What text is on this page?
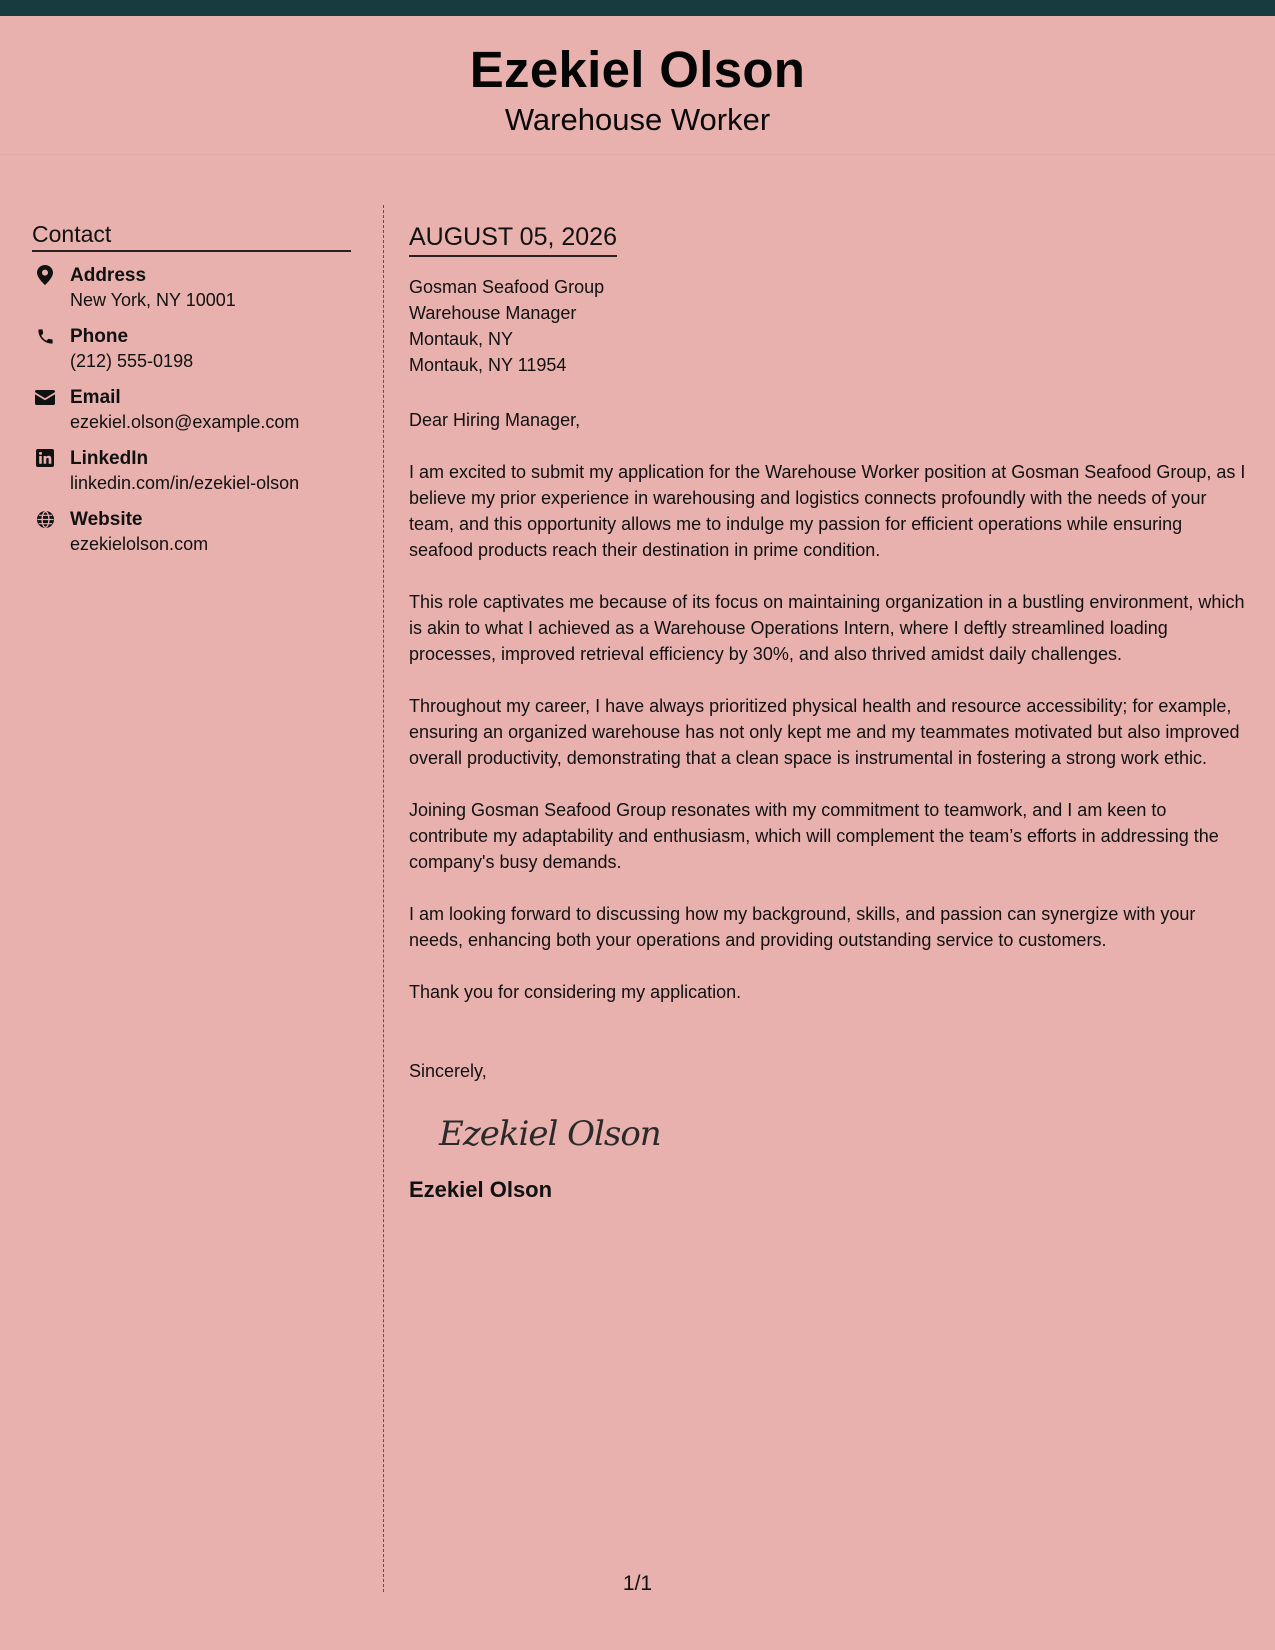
Ezekiel Olson
Warehouse Worker
Contact
Address
New York, NY 10001
Phone
(212) 555-0198
Email
ezekiel.olson@example.com
LinkedIn
linkedin.com/in/ezekiel-olson
Website
ezekielolson.com
AUGUST 05, 2026
Gosman Seafood Group
Warehouse Manager
Montauk, NY
Montauk, NY 11954
Dear Hiring Manager,
I am excited to submit my application for the Warehouse Worker position at Gosman Seafood Group, as I believe my prior experience in warehousing and logistics connects profoundly with the needs of your team, and this opportunity allows me to indulge my passion for efficient operations while ensuring seafood products reach their destination in prime condition.
This role captivates me because of its focus on maintaining organization in a bustling environment, which is akin to what I achieved as a Warehouse Operations Intern, where I deftly streamlined loading processes, improved retrieval efficiency by 30%, and also thrived amidst daily challenges.
Throughout my career, I have always prioritized physical health and resource accessibility; for example, ensuring an organized warehouse has not only kept me and my teammates motivated but also improved overall productivity, demonstrating that a clean space is instrumental in fostering a strong work ethic.
Joining Gosman Seafood Group resonates with my commitment to teamwork, and I am keen to contribute my adaptability and enthusiasm, which will complement the team’s efforts in addressing the company's busy demands.
I am looking forward to discussing how my background, skills, and passion can synergize with your needs, enhancing both your operations and providing outstanding service to customers.
Thank you for considering my application.
Sincerely,
Ezekiel Olson
Ezekiel Olson
1/1
